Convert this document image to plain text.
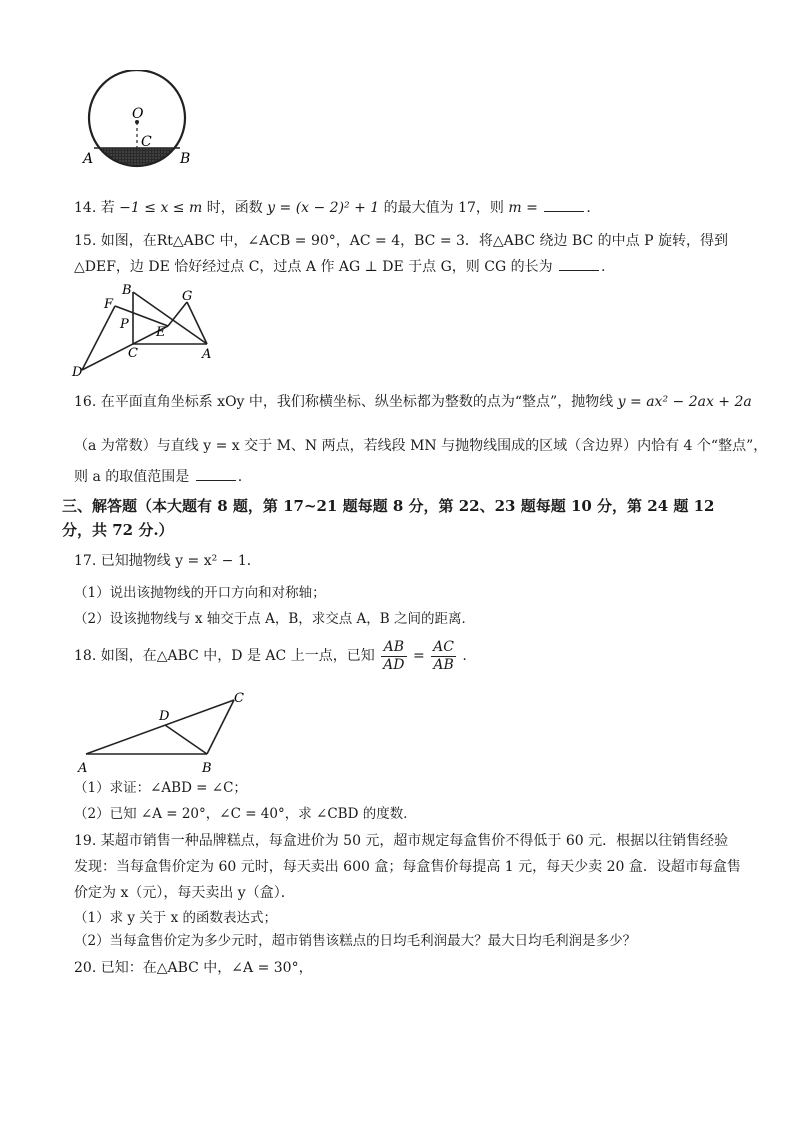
O
C
A	B
14. 若 −1 ≤ x ≤ m 时，函数 y = (x − 2)² + 1 的最大值为 17，则 m =	.
15. 如图，在Rt△ABC 中，∠ACB = 90°，AC = 4，BC = 3．将△ABC 绕边 BC 的中点 P 旋转，得到
△DEF，边 DE 恰好经过点 C，过点 A 作 AG ⊥ DE 于点 G，则 CG 的长为	.
B
F
G
P
E
C	A
D
16. 在平面直角坐标系 xOy 中，我们称横坐标、纵坐标都为整数的点为“整点”，抛物线 y = ax² − 2ax + 2a
（a 为常数）与直线 y = x 交于 M、N 两点，若线段 MN 与抛物线围成的区域（含边界）内恰有 4 个“整点”，
则 a 的取值范围是	.
三、解答题（本大题有 8 题，第 17~21 题每题 8 分，第 22、23 题每题 10 分，第 24 题 12 分，共 72 分.）
17. 已知抛物线 y = x² − 1．
（1）说出该抛物线的开口方向和对称轴；
（2）设该抛物线与 x 轴交于点 A，B，求交点 A，B 之间的距离．
18. 如图，在△ABC 中，D 是 AC 上一点，已知 $\frac{AB}{AD} = \frac{AC}{AB}$ .
A	B
C
D
（1）求证：∠ABD = ∠C；
（2）已知 ∠A = 20°，∠C = 40°，求 ∠CBD 的度数．
19. 某超市销售一种品牌糕点，每盒进价为 50 元，超市规定每盒售价不得低于 60 元．根据以往销售经验
发现：当每盒售价定为 60 元时，每天卖出 600 盒；每盒售价每提高 1 元，每天少卖 20 盒．设超市每盒售
价定为 x（元），每天卖出 y（盒）．
（1）求 y 关于 x 的函数表达式；
（2）当每盒售价定为多少元时，超市销售该糕点的日均毛利润最大？最大日均毛利润是多少？
20. 已知：在△ABC 中，∠A = 30°，
